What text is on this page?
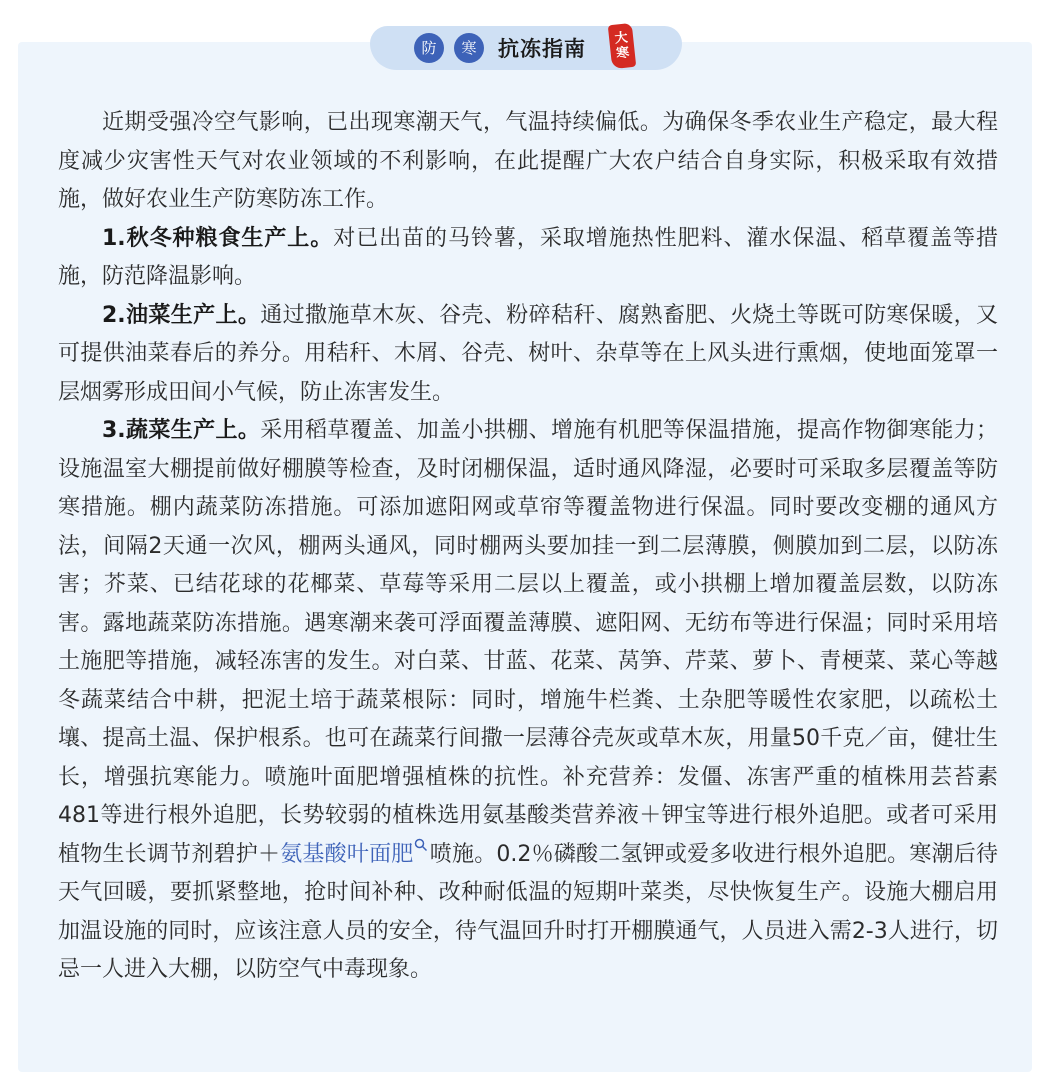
防	寒	抗冻指南 大
寒

近期受强冷空气影响，已出现寒潮天气，气温持续偏低。为确保冬季农业生产稳定，最大程度减少灾害性天气对农业领域的不利影响，在此提醒广大农户结合自身实际，积极采取有效措施，做好农业生产防寒防冻工作。

1.秋冬种粮食生产上。对已出苗的马铃薯，采取增施热性肥料、灌水保温、稻草覆盖等措施，防范降温影响。

2.油菜生产上。通过撒施草木灰、谷壳、粉碎秸秆、腐熟畜肥、火烧土等既可防寒保暖，又可提供油菜春后的养分。用秸秆、木屑、谷壳、树叶、杂草等在上风头进行熏烟，使地面笼罩一层烟雾形成田间小气候，防止冻害发生。

3.蔬菜生产上。采用稻草覆盖、加盖小拱棚、增施有机肥等保温措施，提高作物御寒能力；设施温室大棚提前做好棚膜等检查，及时闭棚保温，适时通风降湿，必要时可采取多层覆盖等防寒措施。棚内蔬菜防冻措施。可添加遮阳网或草帘等覆盖物进行保温。同时要改变棚的通风方法，间隔2天通一次风，棚两头通风，同时棚两头要加挂一到二层薄膜，侧膜加到二层，以防冻害；芥菜、已结花球的花椰菜、草莓等采用二层以上覆盖，或小拱棚上增加覆盖层数，以防冻害。露地蔬菜防冻措施。遇寒潮来袭可浮面覆盖薄膜、遮阳网、无纺布等进行保温；同时采用培土施肥等措施，减轻冻害的发生。对白菜、甘蓝、花菜、莴笋、芹菜、萝卜、青梗菜、菜心等越冬蔬菜结合中耕，把泥土培于蔬菜根际：同时，增施牛栏粪、土杂肥等暖性农家肥，以疏松土壤、提高土温、保护根系。也可在蔬菜行间撒一层薄谷壳灰或草木灰，用量50千克／亩，健壮生长，增强抗寒能力。喷施叶面肥增强植株的抗性。补充营养：发僵、冻害严重的植株用芸苔素481等进行根外追肥，长势较弱的植株选用氨基酸类营养液＋钾宝等进行根外追肥。或者可采用植物生长调节剂碧护＋氨基酸叶面肥 喷施。0.2％磷酸二氢钾或爱多收进行根外追肥。寒潮后待天气回暖，要抓紧整地，抢时间补种、改种耐低温的短期叶菜类，尽快恢复生产。设施大棚启用加温设施的同时，应该注意人员的安全，待气温回升时打开棚膜通气，人员进入需2-3人进行，切忌一人进入大棚，以防空气中毒现象。
